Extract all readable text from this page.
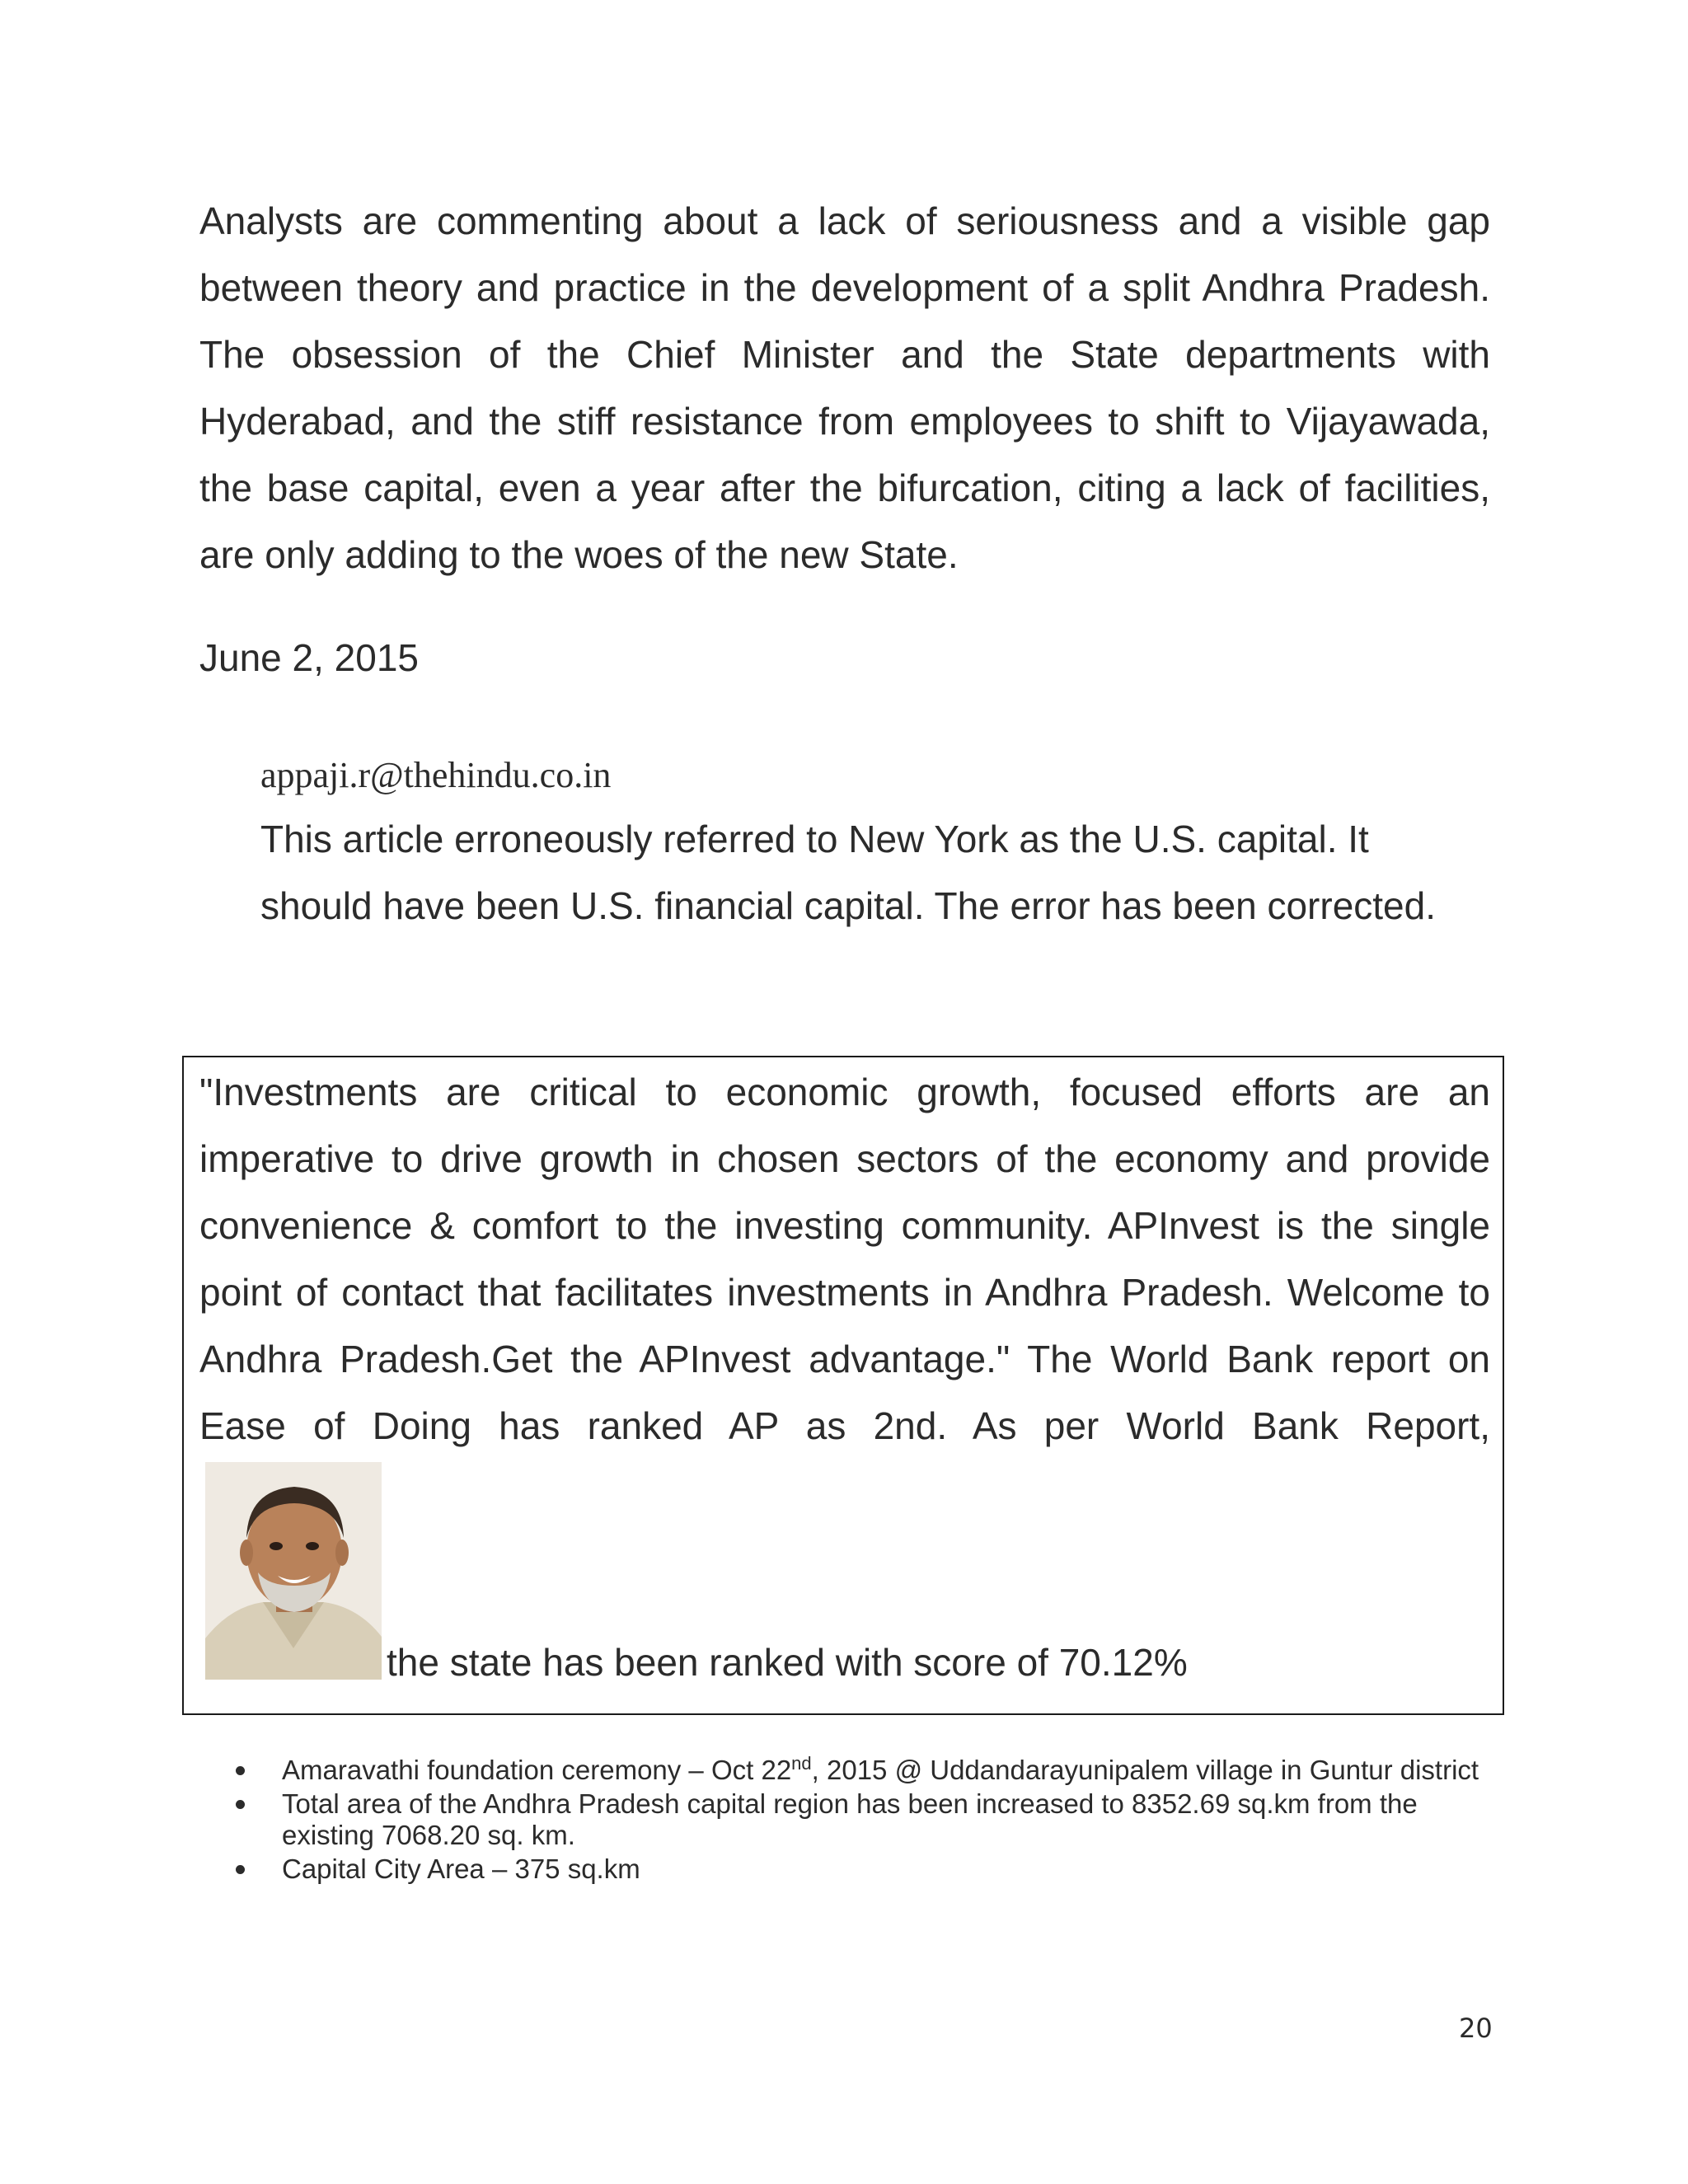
Analysts are commenting about a lack of seriousness and a visible gap between theory and practice in the development of a split Andhra Pradesh. The obsession of the Chief Minister and the State departments with Hyderabad, and the stiff resistance from employees to shift to Vijayawada, the base capital, even a year after the bifurcation, citing a lack of facilities, are only adding to the woes of the new State.

June 2, 2015

appaji.r@thehindu.co.in

This article erroneously referred to New York as the U.S. capital. It should have been U.S. financial capital. The error has been corrected.

"Investments are critical to economic growth, focused efforts are an imperative to drive growth in chosen sectors of the economy and provide convenience & comfort to the investing community. APInvest is the single point of contact that facilitates investments in Andhra Pradesh. Welcome to Andhra Pradesh.Get the APInvest advantage." The World Bank report on Ease of Doing has ranked AP as 2nd. As per World Bank Report,

the state has been ranked with score of 70.12%

Amaravathi foundation ceremony – Oct 22nd, 2015 @ Uddandarayunipalem village in Guntur district
Total area of the Andhra Pradesh capital region has been increased to 8352.69 sq.km from the existing 7068.20 sq. km.
Capital City Area – 375 sq.km

20
